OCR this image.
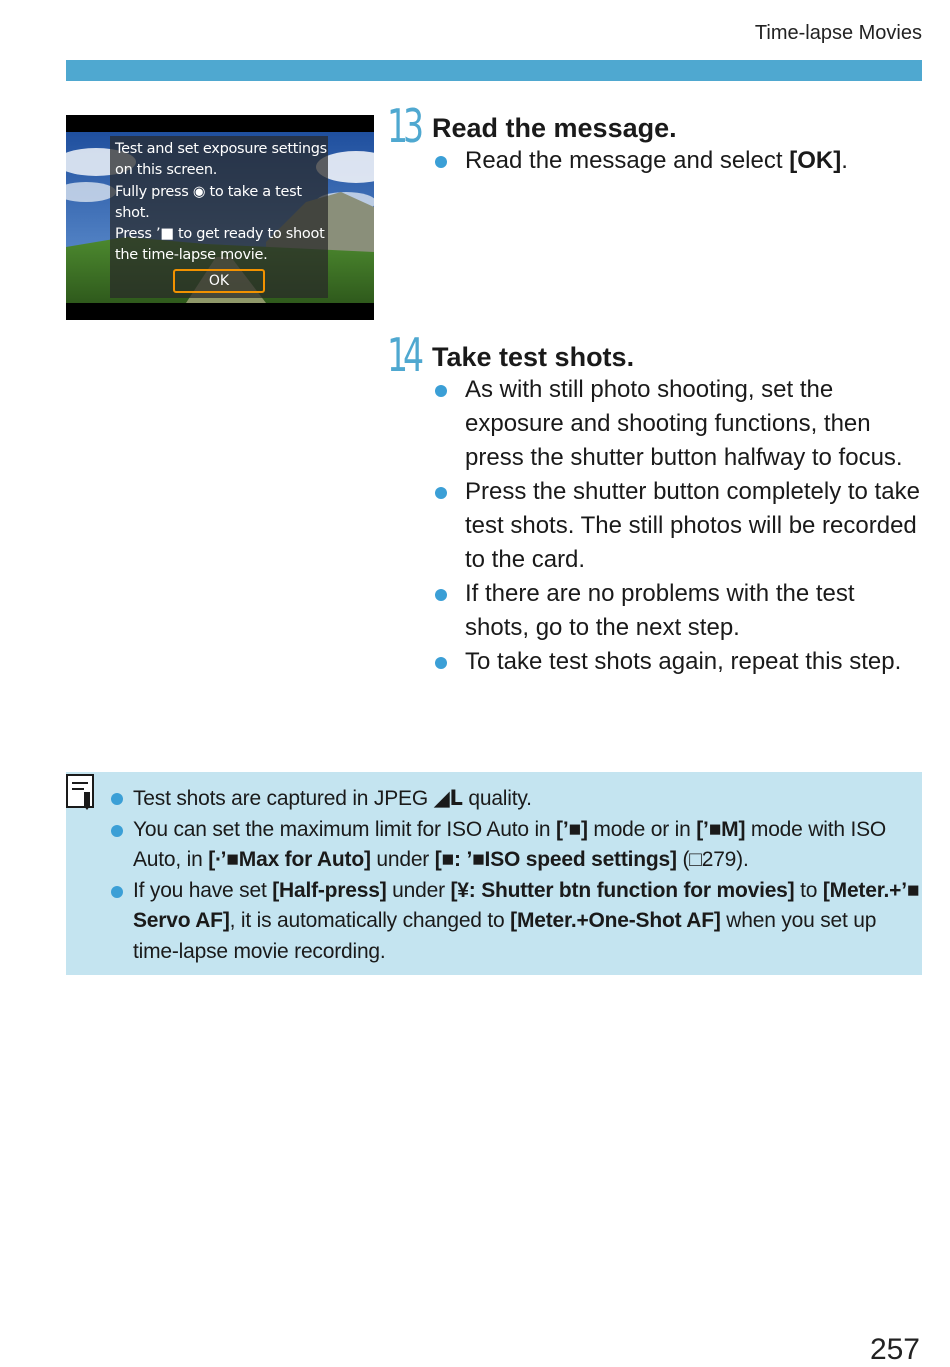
Time-lapse Movies
Test and set exposure settings
on this screen.
Fully press ◉ to take a test
shot.
Press ’■ to get ready to shoot
the time-lapse movie.
OK
13 Read the message.
Read the message and select [OK].
14 Take test shots.
As with still photo shooting, set the exposure and shooting functions, then press the shutter button halfway to focus.
Press the shutter button completely to take test shots. The still photos will be recorded to the card.
If there are no problems with the test shots, go to the next step.
To take test shots again, repeat this step.
Test shots are captured in JPEG ◢L quality.
You can set the maximum limit for ISO Auto in [’■] mode or in [’■M] mode with ISO Auto, in [∙’■Max for Auto] under [■: ’■ISO speed settings] (□279).
If you have set [Half-press] under [¥: Shutter btn function for movies] to [Meter.+’■ Servo AF], it is automatically changed to [Meter.+One-Shot AF] when you set up time-lapse movie recording.
257
